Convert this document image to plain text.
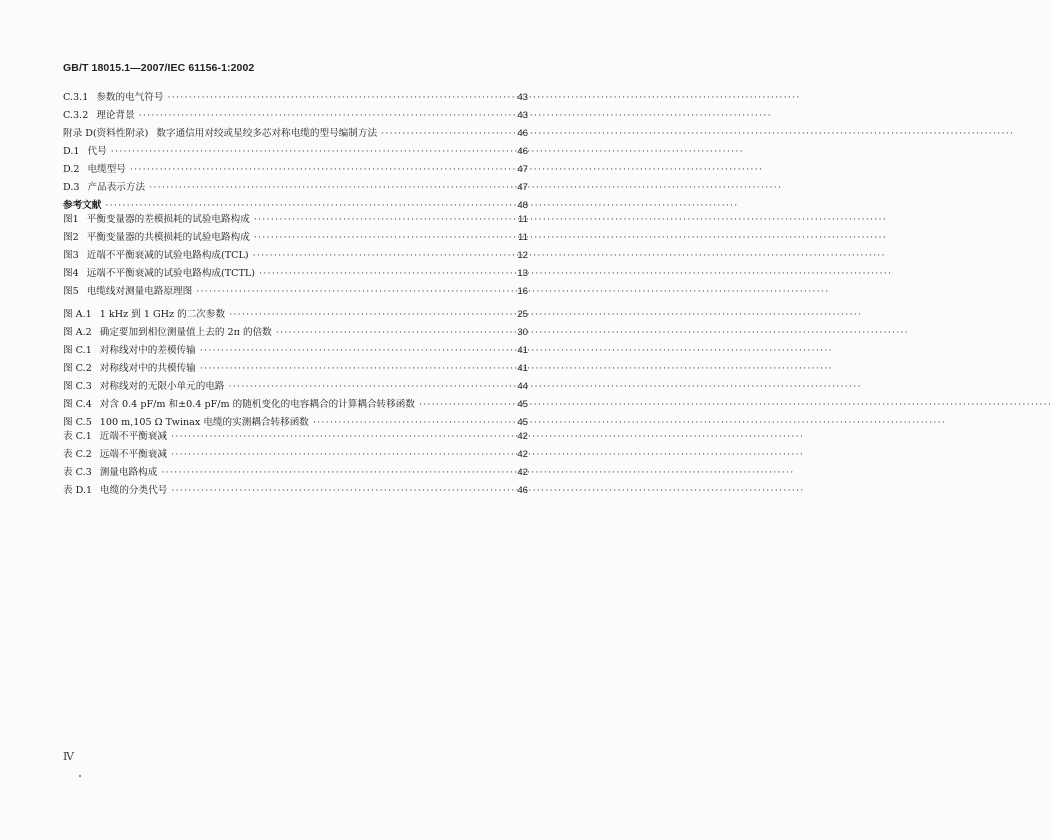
GB/T 18015.1—2007/IEC 61156-1:2002
C.3.1 参数的电气符号 ·····	43
C.3.2 理论背景 ·····	43
附录 D(资料性附录) 数字通信用对绞或星绞多芯对称电缆的型号编制方法 ·····	46
D.1 代号 ·····	46
D.2 电缆型号 ·····	47
D.3 产品表示方法 ·····	47
参考文献 ·····	48
图1 平衡变量器的差模损耗的试验电路构成 ·····	11
图2 平衡变量器的共模损耗的试验电路构成 ·····	11
图3 近端不平衡衰减的试验电路构成(TCL) ·····	12
图4 远端不平衡衰减的试验电路构成(TCTL) ·····	13
图5 电缆线对测量电路原理图 ·····	16
图 A.1 1 kHz 到 1 GHz 的二次参数 ·····	25
图 A.2 确定要加到相位测量值上去的 2π 的倍数 ·····	30
图 C.1 对称线对中的差模传输 ·····	41
图 C.2 对称线对中的共模传输 ·····	41
图 C.3 对称线对的无限小单元的电路 ·····	44
图 C.4 对含 0.4 pF/m 和±0.4 pF/m 的随机变化的电容耦合的计算耦合转移函数 ·····	45
图 C.5 100 m,105 Ω Twinax 电缆的实测耦合转移函数 ·····	45
表 C.1 近端不平衡衰减 ·····	42
表 C.2 远端不平衡衰减 ·····	42
表 C.3 测量电路构成 ·····	42
表 D.1 电缆的分类代号 ·····	46
Ⅳ
